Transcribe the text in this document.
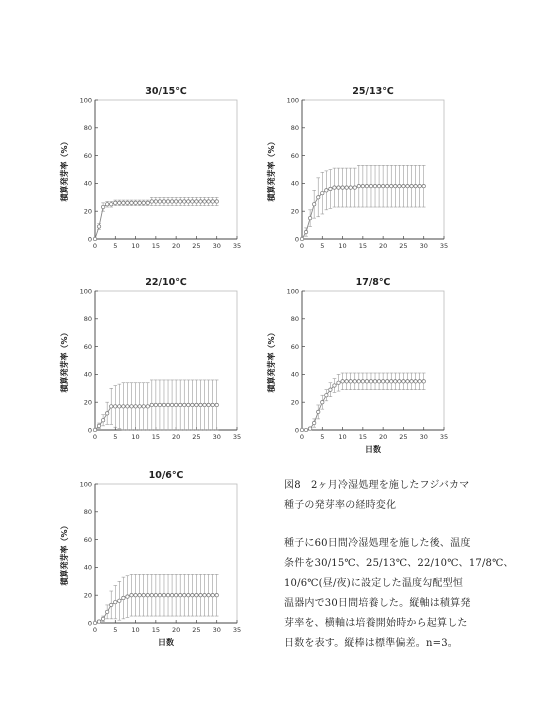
30/15℃
0
20
40
60
80
100
0 5 10 15 20 25 30 35
積算発芽率（%）
25/13℃
0
20
40
60
80
100
0 5 10 15 20 25 30 35
積算発芽率（%）
22/10℃
0
20
40
60
80
100
0 5 10 15 20 25 30 35
積算発芽率（%）
17/8℃
0
20
40
60
80
100
0 5 10 15 20 25 30 35
積算発芽率（%）
日数
10/6℃
0
20
40
60
80
100
0 5 10 15 20 25 30 35
積算発芽率（%）
日数

図8　2ヶ月冷湿処理を施したフジバカマ

種子の発芽率の経時変化

種子に60日間冷湿処理を施した後、温度

条件を30/15℃、25/13℃、22/10℃、17/8℃、

10/6℃(昼/夜)に設定した温度勾配型恒

温器内で30日間培養した。縦軸は積算発

芽率を、横軸は培養開始時から起算した

日数を表す。縦棒は標準偏差。n=3。
